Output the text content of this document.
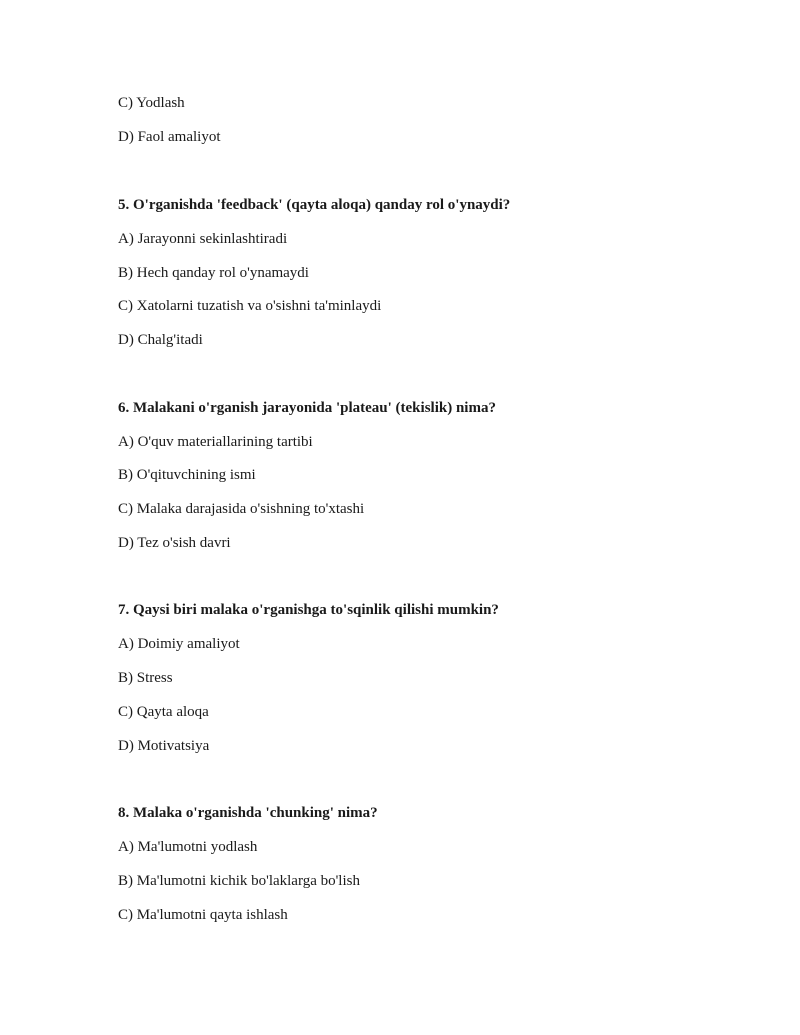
C) Yodlash
D) Faol amaliyot
5. O'rganishda 'feedback' (qayta aloqa) qanday rol o'ynaydi?
A) Jarayonni sekinlashtiradi
B) Hech qanday rol o'ynamaydi
C) Xatolarni tuzatish va o'sishni ta'minlaydi
D) Chalg'itadi
6. Malakani o'rganish jarayonida 'plateau' (tekislik) nima?
A) O'quv materiallarining tartibi
B) O'qituvchining ismi
C) Malaka darajasida o'sishning to'xtashi
D) Tez o'sish davri
7. Qaysi biri malaka o'rganishga to'sqinlik qilishi mumkin?
A) Doimiy amaliyot
B) Stress
C) Qayta aloqa
D) Motivatsiya
8. Malaka o'rganishda 'chunking' nima?
A) Ma'lumotni yodlash
B) Ma'lumotni kichik bo'laklarga bo'lish
C) Ma'lumotni qayta ishlash
